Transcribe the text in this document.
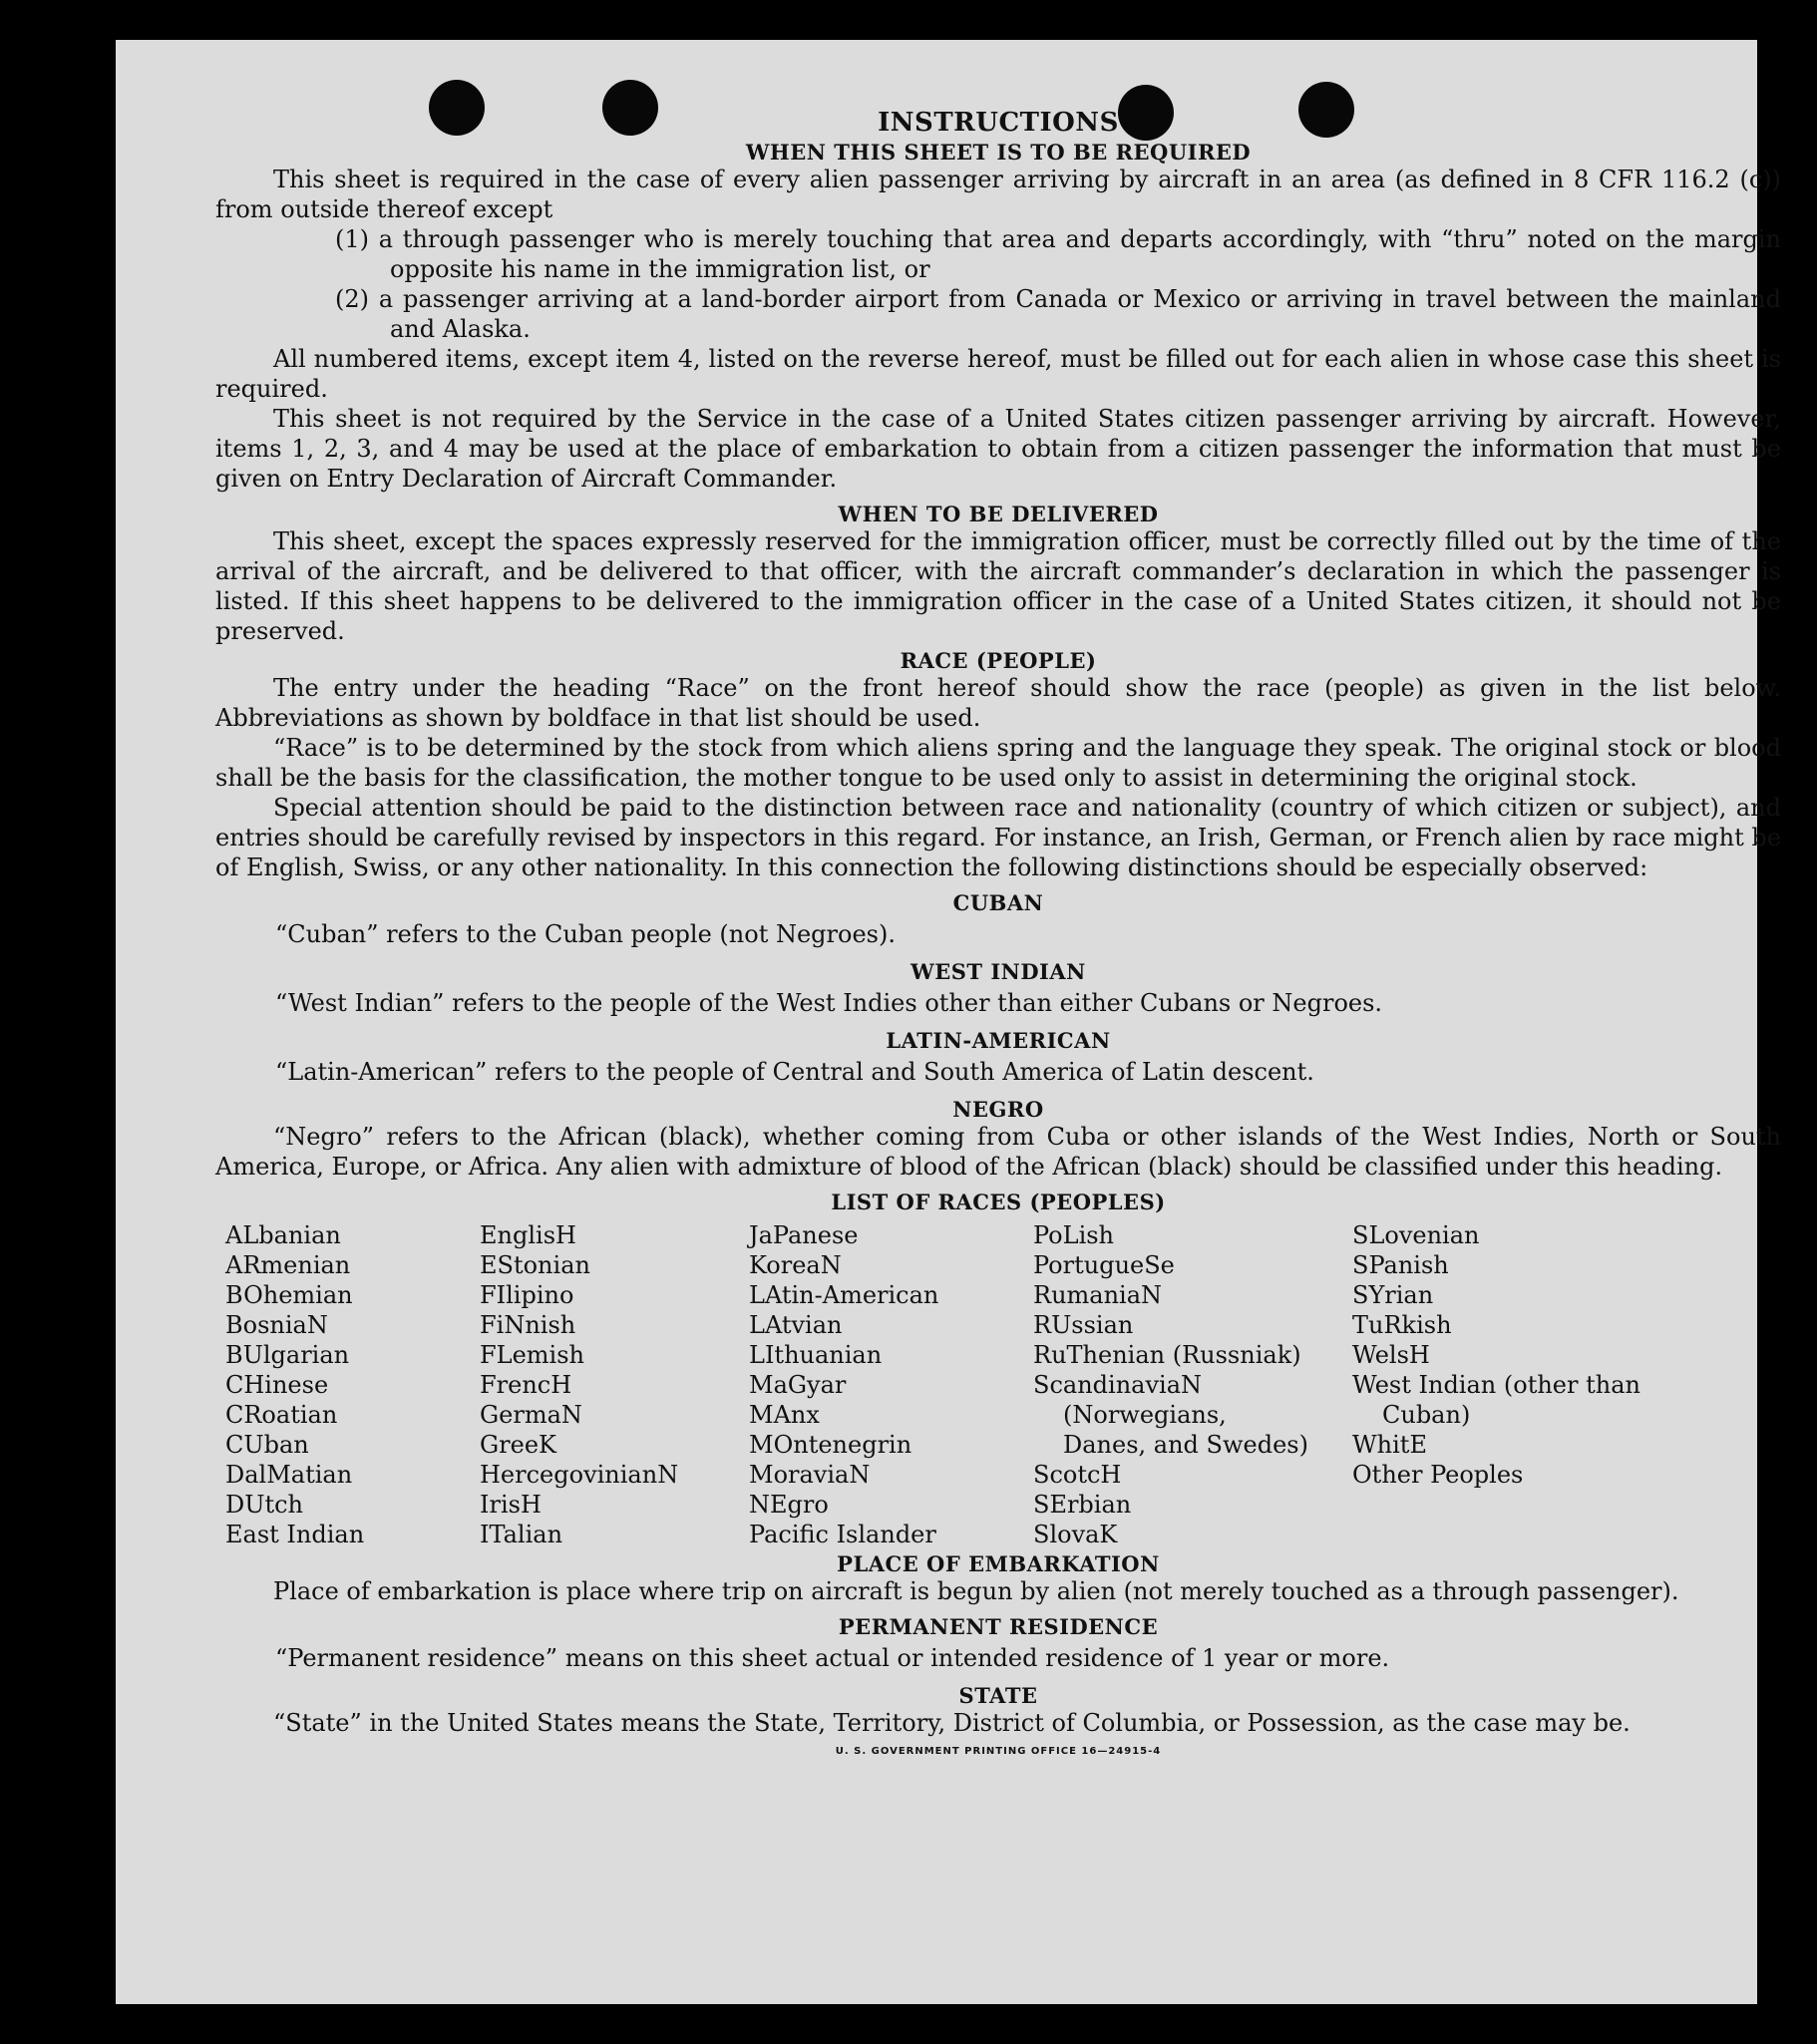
INSTRUCTIONS

WHEN THIS SHEET IS TO BE REQUIRED

This sheet is required in the case of every alien passenger arriving by aircraft in an area (as defined in 8 CFR 116.2 (c)) from outside thereof except

(1) a through passenger who is merely touching that area and departs accordingly, with “thru” noted on the margin opposite his name in the immigration list, or

(2) a passenger arriving at a land-border airport from Canada or Mexico or arriving in travel between the mainland and Alaska.

All numbered items, except item 4, listed on the reverse hereof, must be filled out for each alien in whose case this sheet is required.

This sheet is not required by the Service in the case of a United States citizen passenger arriving by aircraft. However, items 1, 2, 3, and 4 may be used at the place of embarkation to obtain from a citizen passenger the information that must be given on Entry Declaration of Aircraft Commander.

WHEN TO BE DELIVERED

This sheet, except the spaces expressly reserved for the immigration officer, must be correctly filled out by the time of the arrival of the aircraft, and be delivered to that officer, with the aircraft commander’s declaration in which the passenger is listed. If this sheet happens to be delivered to the immigration officer in the case of a United States citizen, it should not be preserved.

RACE (PEOPLE)

The entry under the heading “Race” on the front hereof should show the race (people) as given in the list below. Abbreviations as shown by boldface in that list should be used.

“Race” is to be determined by the stock from which aliens spring and the language they speak. The original stock or blood shall be the basis for the classification, the mother tongue to be used only to assist in determining the original stock.

Special attention should be paid to the distinction between race and nationality (country of which citizen or subject), and entries should be carefully revised by inspectors in this regard. For instance, an Irish, German, or French alien by race might be of English, Swiss, or any other nationality. In this connection the following distinctions should be especially observed:

CUBAN

“Cuban” refers to the Cuban people (not Negroes).

WEST INDIAN

“West Indian” refers to the people of the West Indies other than either Cubans or Negroes.

LATIN-AMERICAN

“Latin-American” refers to the people of Central and South America of Latin descent.

NEGRO

“Negro” refers to the African (black), whether coming from Cuba or other islands of the West Indies, North or South America, Europe, or Africa. Any alien with admixture of blood of the African (black) should be classified under this heading.

LIST OF RACES (PEOPLES)

ALbanian
ARmenian
BOhemian
BosniaN
BUlgarian
CHinese
CRoatian
CUban
DalMatian
DUtch
East Indian
EnglisH
EStonian
FIlipino
FiNnish
FLemish
FrencH
GermaN
GreeK
HercegovinianN
IrisH
ITalian
JaPanese
KoreaN
LAtin-American
LAtvian
LIthuanian
MaGyar
MAnx
MOntenegrin
MoraviaN
NEgro
Pacific Islander
PoLish
PortugueSe
RumaniaN
RUssian
RuThenian (Russniak)
ScandinaviaN (Norwegians, Danes, and Swedes)
ScotcH
SErbian
SlovaK
SLovenian
SPanish
SYrian
TuRkish
WelsH
West Indian (other than Cuban)
WhitE
Other Peoples

PLACE OF EMBARKATION

Place of embarkation is place where trip on aircraft is begun by alien (not merely touched as a through passenger).

PERMANENT RESIDENCE

“Permanent residence” means on this sheet actual or intended residence of 1 year or more.

STATE

“State” in the United States means the State, Territory, District of Columbia, or Possession, as the case may be.

U. S. GOVERNMENT PRINTING OFFICE 16—24915-4
